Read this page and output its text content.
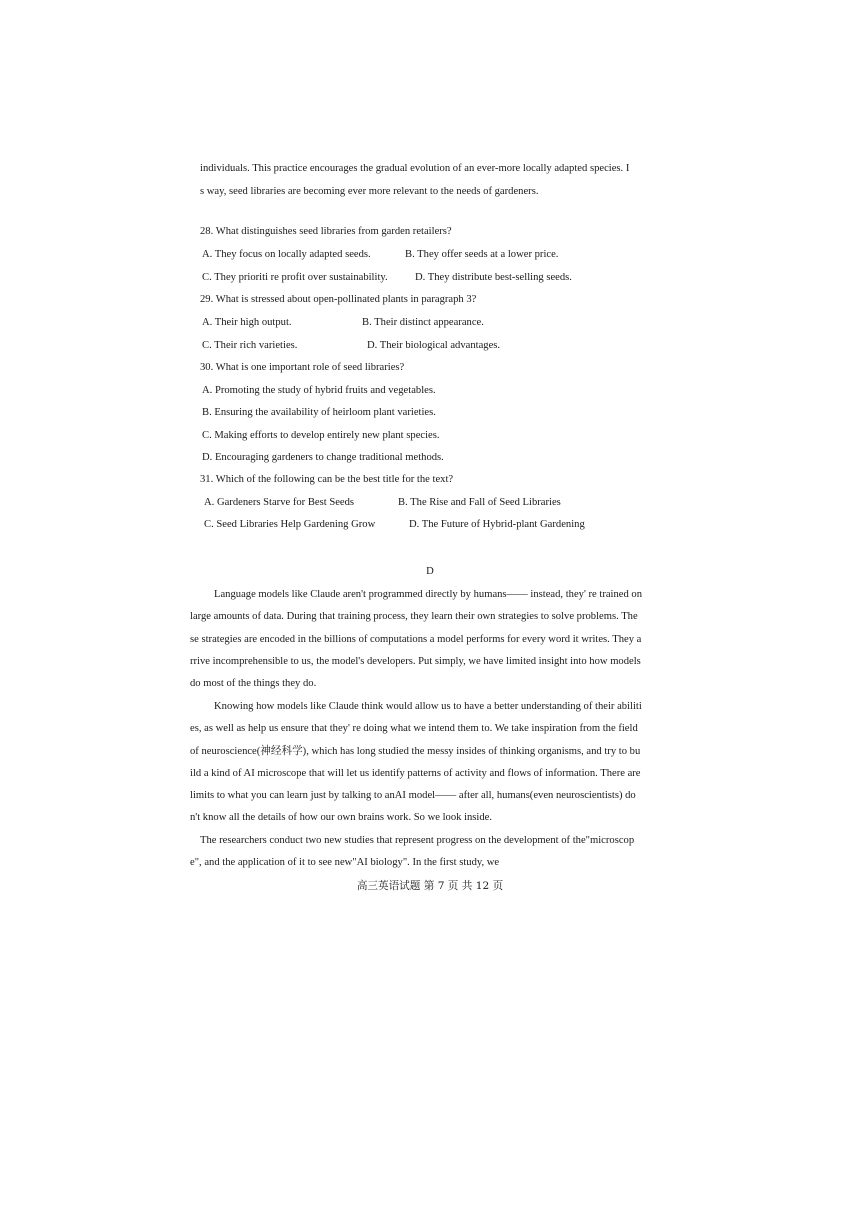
individuals. This practice encourages the gradual evolution of an ever-more locally adapted species. I
s way, seed libraries are becoming ever more relevant to the needs of gardeners.
28. What distinguishes seed libraries from garden retailers?
A. They focus on locally adapted seeds.	B. They offer seeds at a lower price.
C. They prioriti re profit over sustainability.	D. They distribute best-selling seeds.
29. What is stressed about open-pollinated plants in paragraph 3?
A. Their high output.	B. Their distinct appearance.
C. Their rich varieties.	D. Their biological advantages.
30. What is one important role of seed libraries?
A. Promoting the study of hybrid fruits and vegetables.
B. Ensuring the availability of heirloom plant varieties.
C. Making efforts to develop entirely new plant species.
D. Encouraging gardeners to change traditional methods.
31. Which of the following can be the best title for the text?
A. Gardeners Starve for Best Seeds	B. The Rise and Fall of Seed Libraries
C. Seed Libraries Help Gardening Grow	D. The Future of Hybrid-plant Gardening
D
Language models like Claude aren't programmed directly by humans—— instead, they' re trained on
large amounts of data. During that training process, they learn their own strategies to solve problems. The
se strategies are encoded in the billions of computations a model performs for every word it writes. They a
rrive incomprehensible to us, the model's developers. Put simply, we have limited insight into how models
do most of the things they do.
Knowing how models like Claude think would allow us to have a better understanding of their abiliti
es, as well as help us ensure that they' re doing what we intend them to. We take inspiration from the field
of neuroscience(神经科学), which has long studied the messy insides of thinking organisms, and try to bu
ild a kind of AI microscope that will let us identify patterns of activity and flows of information. There are
limits to what you can learn just by talking to anAI model—— after all, humans(even neuroscientists) do
n't know all the details of how our own brains work. So we look inside.
The researchers conduct two new studies that represent progress on the development of the"microscop
e", and the application of it to see new"AI biology". In the first study, we
高三英语试题 第 7 页 共 12 页
